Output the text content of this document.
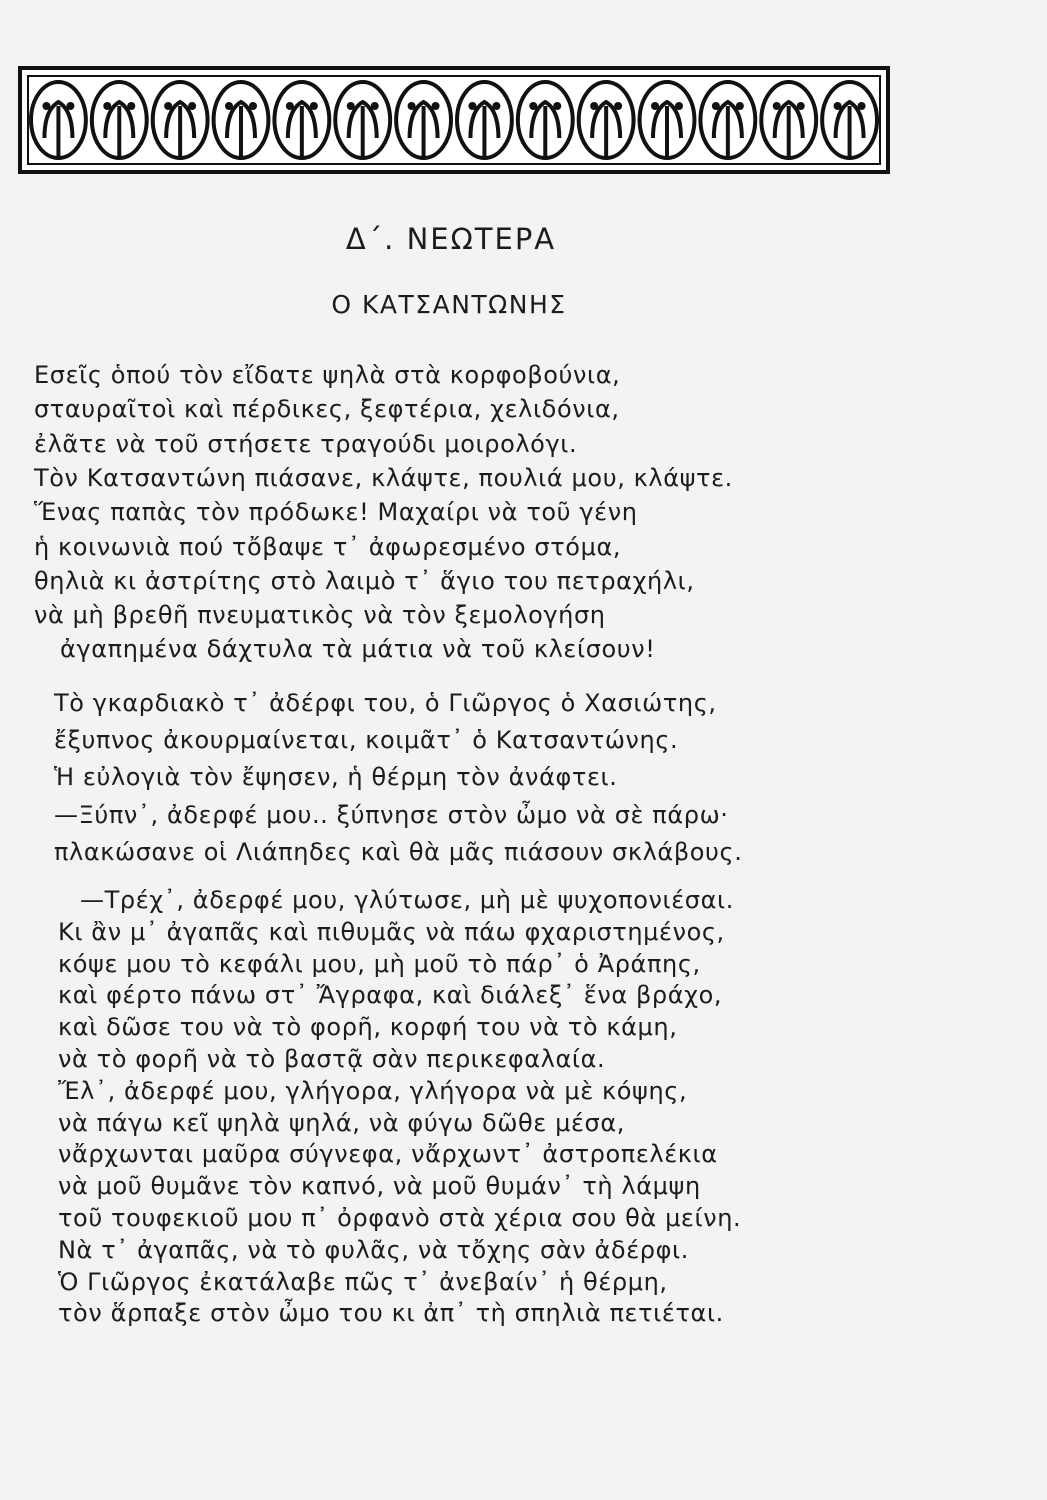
Δ΄. ΝΕΩΤΕΡΑ
Ο ΚΑΤΣΑΝΤΩΝΗΣ
Εσεῖς ὁπού τὸν εἴδατε ψηλὰ στὰ κορφοβούνια,
σταυραῖτοὶ καὶ πέρδικες, ξεφτέρια, χελιδόνια,
ἐλᾶτε νὰ τοῦ στήσετε τραγούδι μοιρολόγι.
Τὸν Κατσαντώνη πιάσανε, κλάψτε, πουλιά μου, κλάψτε.
Ἕνας παπὰς τὸν πρόδωκε! Μαχαίρι νὰ τοῦ γένη
ἡ κοινωνιὰ πού τὄβαψε τ᾽ ἀφωρεσμένο στόμα,
θηλιὰ κι ἀστρίτης στὸ λαιμὸ τ᾽ ἅγιο του πετραχήλι,
νὰ μὴ βρεθῆ πνευματικὸς νὰ τὸν ξεμολογήση
ἀγαπημένα δάχτυλα τὰ μάτια νὰ τοῦ κλείσουν!
Τὸ γκαρδιακὸ τ᾽ ἀδέρφι του, ὁ Γιῶργος ὁ Χασιώτης,
ἔξυπνος ἀκουρμαίνεται, κοιμᾶτ᾽ ὁ Κατσαντώνης.
Ἡ εὐλογιὰ τὸν ἔψησεν, ἡ θέρμη τὸν ἀνάφτει.
—Ξύπν᾽, ἀδερφέ μου.. ξύπνησε στὸν ὦμο νὰ σὲ πάρω·
πλακώσανε οἱ Λιάπηδες καὶ θὰ μᾶς πιάσουν σκλάβους.
—Τρέχ᾽, ἀδερφέ μου, γλύτωσε, μὴ μὲ ψυχοπονιέσαι.
Κι ἂν μ᾽ ἀγαπᾶς καὶ πιθυμᾶς νὰ πάω φχαριστημένος,
κόψε μου τὸ κεφάλι μου, μὴ μοῦ τὸ πάρ᾽ ὁ Ἀράπης,
καὶ φέρτο πάνω στ᾽ Ἄγραφα, καὶ διάλεξ᾽ ἕνα βράχο,
καὶ δῶσε του νὰ τὸ φορῆ, κορφή του νὰ τὸ κάμη,
νὰ τὸ φορῆ νὰ τὸ βαστᾷ σὰν περικεφαλαία.
Ἔλ᾽, ἀδερφέ μου, γλήγορα, γλήγορα νὰ μὲ κόψης,
νὰ πάγω κεῖ ψηλὰ ψηλά, νὰ φύγω δῶθε μέσα,
νἄρχωνται μαῦρα σύγνεφα, νἄρχωντ᾽ ἀστροπελέκια
νὰ μοῦ θυμᾶνε τὸν καπνό, νὰ μοῦ θυμάν᾽ τὴ λάμψη
τοῦ τουφεκιοῦ μου π᾽ ὀρφανὸ στὰ χέρια σου θὰ μείνη.
Νὰ τ᾽ ἀγαπᾶς, νὰ τὸ φυλᾶς, νὰ τὄχης σὰν ἀδέρφι.
Ὁ Γιῶργος ἐκατάλαβε πῶς τ᾽ ἀνεβαίν᾽ ἡ θέρμη,
τὸν ἅρπαξε στὸν ὦμο του κι ἀπ᾽ τὴ σπηλιὰ πετιέται.
